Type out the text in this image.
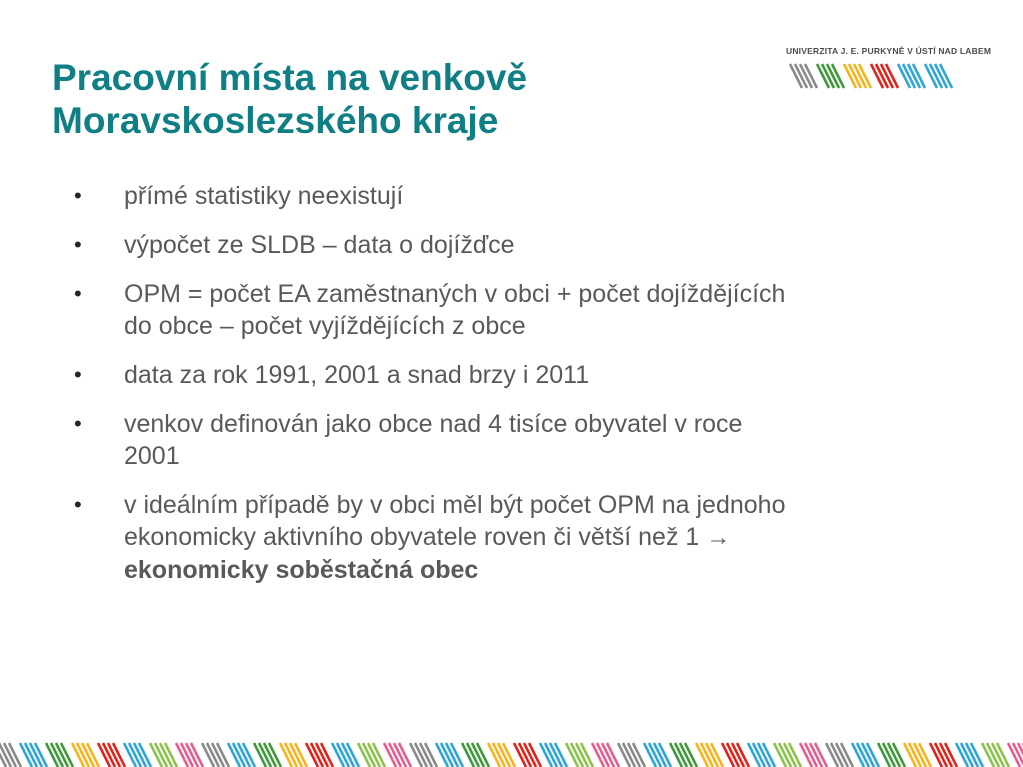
Pracovní místa na venkově
Moravskoslezského kraje
UNIVERZITA J. E. PURKYNĚ V ÚSTÍ NAD LABEM
• přímé statistiky neexistují
• výpočet ze SLDB – data o dojížďce
• OPM = počet EA zaměstnaných v obci + počet dojíždějících
do obce – počet vyjíždějících z obce
• data za rok 1991, 2001 a snad brzy i 2011
• venkov definován jako obce nad 4 tisíce obyvatel v roce
2001
• v ideálním případě by v obci měl být počet OPM na jednoho
ekonomicky aktivního obyvatele roven či větší než 1 →
ekonomicky soběstačná obec
